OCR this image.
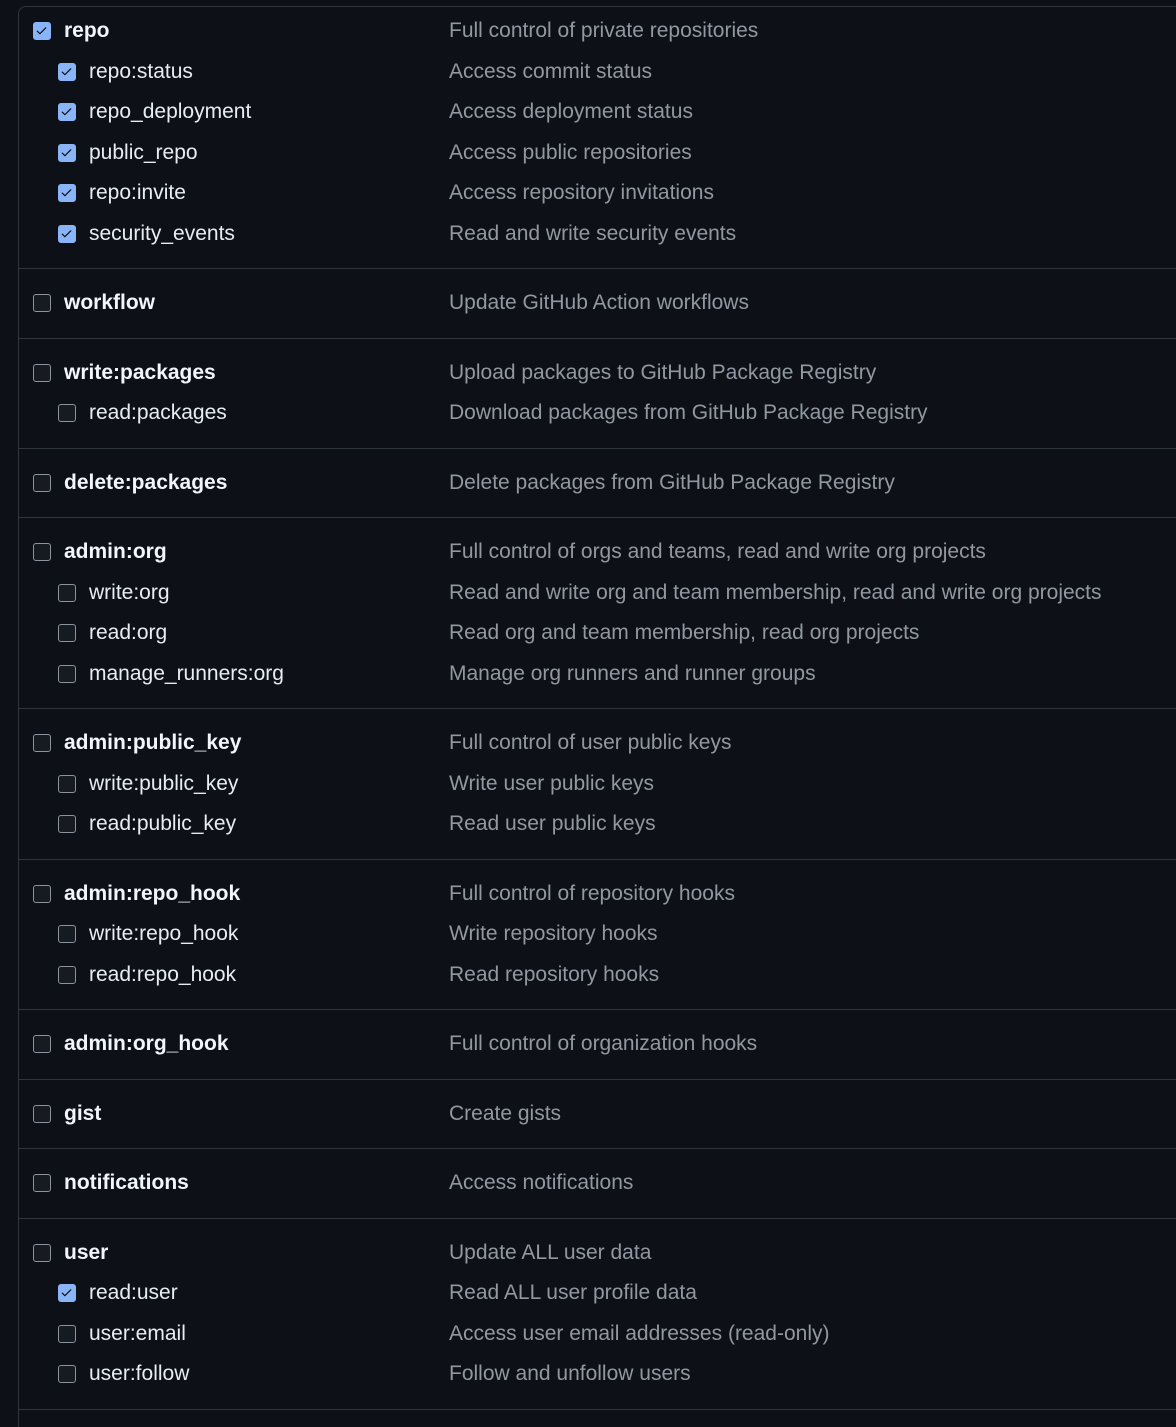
repo	Full control of private repositories
repo:status	Access commit status
repo_deployment	Access deployment status
public_repo	Access public repositories
repo:invite	Access repository invitations
security_events	Read and write security events
workflow	Update GitHub Action workflows
write:packages	Upload packages to GitHub Package Registry
read:packages	Download packages from GitHub Package Registry
delete:packages	Delete packages from GitHub Package Registry
admin:org	Full control of orgs and teams, read and write org projects
write:org	Read and write org and team membership, read and write org projects
read:org	Read org and team membership, read org projects
manage_runners:org	Manage org runners and runner groups
admin:public_key	Full control of user public keys
write:public_key	Write user public keys
read:public_key	Read user public keys
admin:repo_hook	Full control of repository hooks
write:repo_hook	Write repository hooks
read:repo_hook	Read repository hooks
admin:org_hook	Full control of organization hooks
gist	Create gists
notifications	Access notifications
user	Update ALL user data
read:user	Read ALL user profile data
user:email	Access user email addresses (read-only)
user:follow	Follow and unfollow users
